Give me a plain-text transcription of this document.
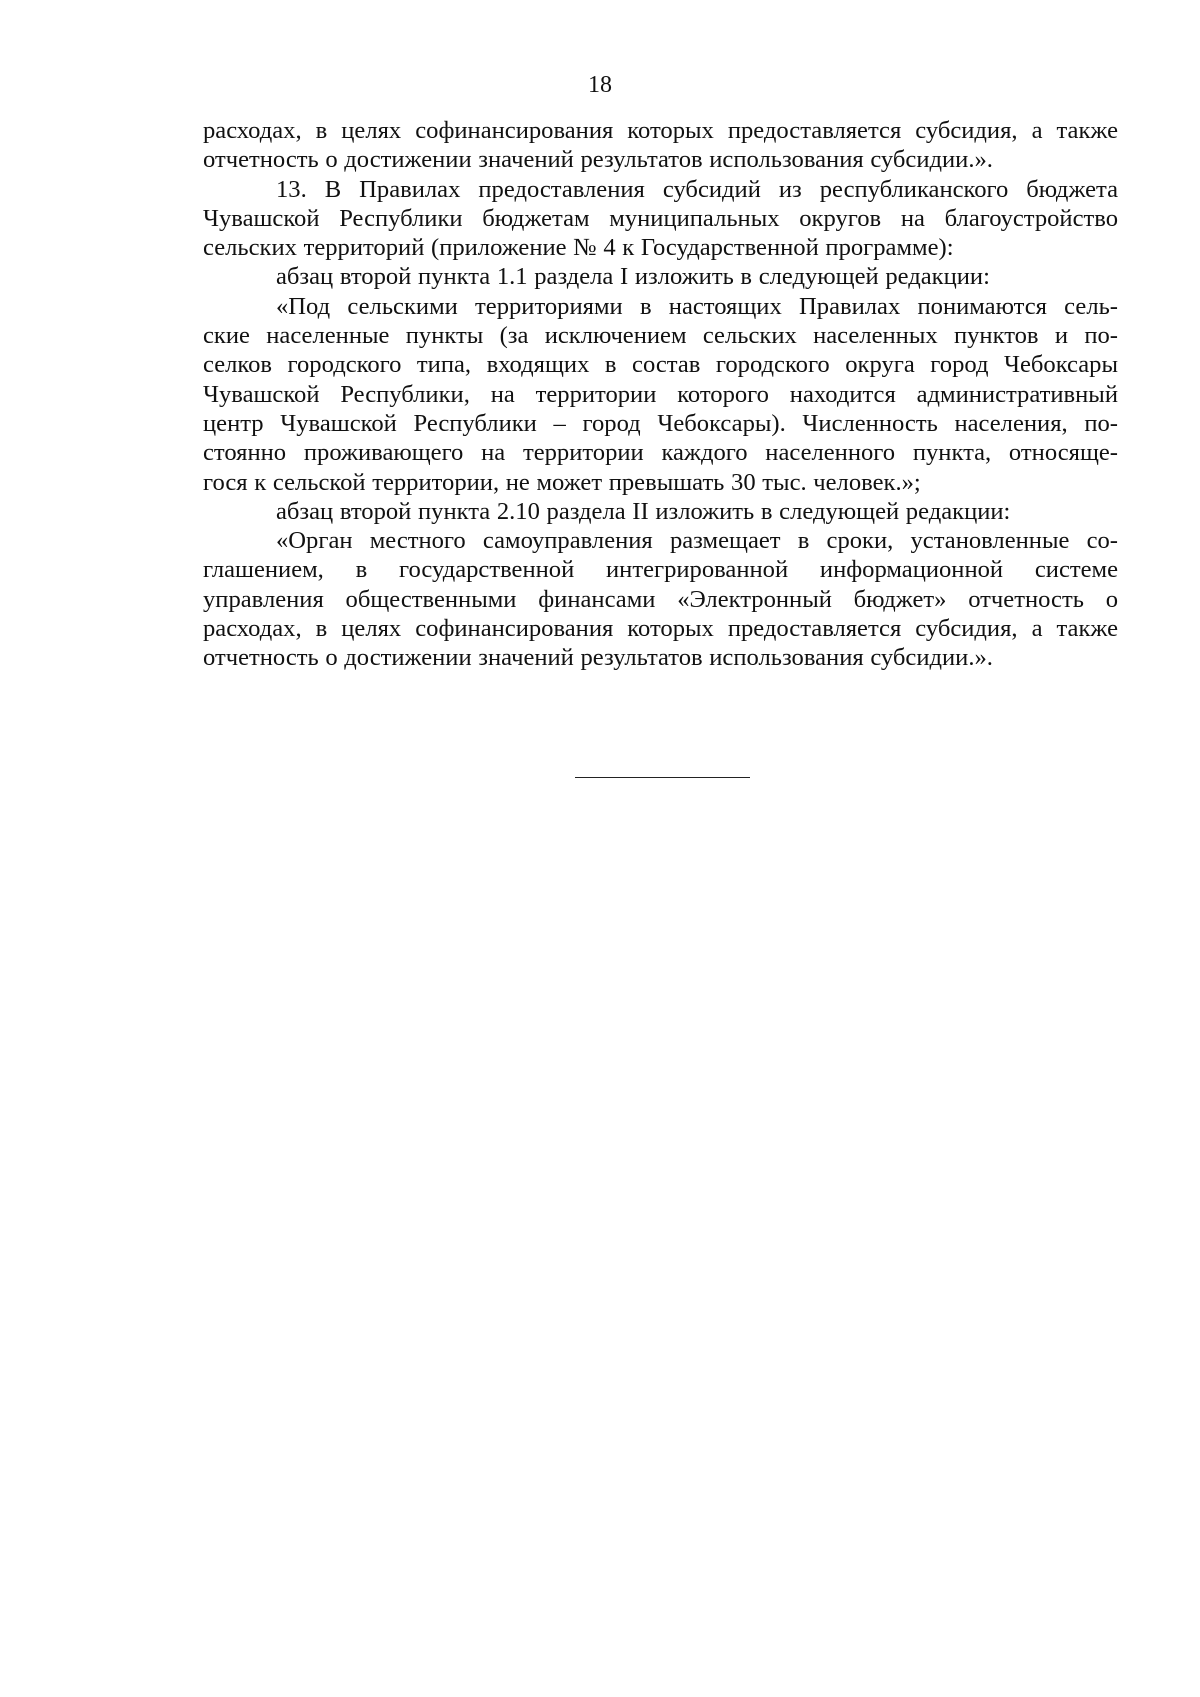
18
расходах, в целях софинансирования которых предоставляется субсидия, а также
отчетность о достижении значений результатов использования субсидии.».
13. В Правилах предоставления субсидий из республиканского бюджета
Чувашской Республики бюджетам муниципальных округов на благоустройство
сельских территорий (приложение № 4 к Государственной программе):
абзац второй пункта 1.1 раздела I изложить в следующей редакции:
«Под сельскими территориями в настоящих Правилах понимаются сель-
ские населенные пункты (за исключением сельских населенных пунктов и по-
селков городского типа, входящих в состав городского округа город Чебоксары
Чувашской Республики, на территории которого находится административный
центр Чувашской Республики – город Чебоксары). Численность населения, по-
стоянно проживающего на территории каждого населенного пункта, относяще-
гося к сельской территории, не может превышать 30 тыс. человек.»;
абзац второй пункта 2.10 раздела II изложить в следующей редакции:
«Орган местного самоуправления размещает в сроки, установленные со-
глашением, в государственной интегрированной информационной системе
управления общественными финансами «Электронный бюджет» отчетность о
расходах, в целях софинансирования которых предоставляется субсидия, а также
отчетность о достижении значений результатов использования субсидии.».
